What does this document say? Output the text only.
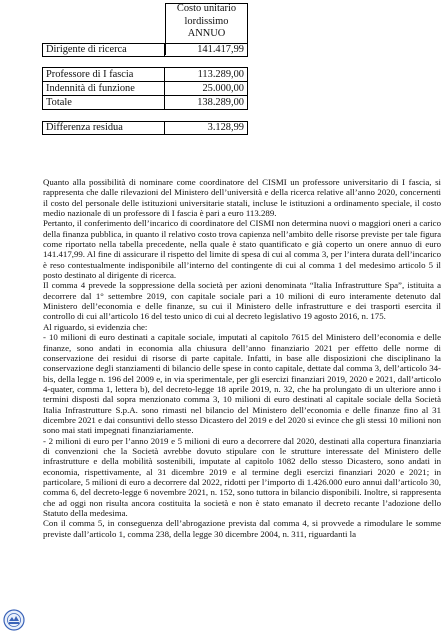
Costo unitario
lordissimo
ANNUO
Dirigente di ricerca	141.417,99
Professore di I fascia	113.289,00
Indennità di funzione	25.000,00
Totale	138.289,00
Differenza residua	3.128,99

Quanto alla possibilità di nominare come coordinatore del CISMI un professore universitario di I fascia, si rappresenta che dalle rilevazioni del Ministero dell’università e della ricerca relative all’anno 2020, concernenti il costo del personale delle istituzioni universitarie statali, incluse le istituzioni a ordinamento speciale, il costo medio nazionale di un professore di I fascia è pari a euro 113.289.

Pertanto, il conferimento dell’incarico di coordinatore del CISMI non determina nuovi o maggiori oneri a carico della finanza pubblica, in quanto il relativo costo trova capienza nell’ambito delle risorse previste per tale figura come riportato nella tabella precedente, nella quale è stato quantificato e già coperto un onere annuo di euro 141.417,99. Al fine di assicurare il rispetto del limite di spesa di cui al comma 3, per l’intera durata dell’incarico è reso contestualmente indisponibile all’interno del contingente di cui al comma 1 del medesimo articolo 5 il posto destinato al dirigente di ricerca.

Il comma 4 prevede la soppressione della società per azioni denominata “Italia Infrastrutture Spa”, istituita a decorrere dal 1° settembre 2019, con capitale sociale pari a 10 milioni di euro interamente detenuto dal Ministero dell’economia e delle finanze, su cui il Ministero delle infrastrutture e dei trasporti esercita il controllo di cui all’articolo 16 del testo unico di cui al decreto legislativo 19 agosto 2016, n. 175.

Al riguardo, si evidenzia che:

- 10 milioni di euro destinati a capitale sociale, imputati al capitolo 7615 del Ministero dell’economia e delle finanze, sono andati in economia alla chiusura dell’anno finanziario 2021 per effetto delle norme di conservazione dei residui di risorse di parte capitale. Infatti, in base alle disposizioni che disciplinano la conservazione degli stanziamenti di bilancio delle spese in conto capitale, dettate dal comma 3, dell’articolo 34-bis, della legge n. 196 del 2009 e, in via sperimentale, per gli esercizi finanziari 2019, 2020 e 2021, dall’articolo 4-quater, comma 1, lettera b), del decreto-legge 18 aprile 2019, n. 32, che ha prolungato di un ulteriore anno i termini disposti dal sopra menzionato comma 3, 10 milioni di euro destinati al capitale sociale della Società Italia Infrastrutture S.p.A. sono rimasti nel bilancio del Ministero dell’economia e delle finanze fino al 31 dicembre 2021 e dai consuntivi dello stesso Dicastero del 2019 e del 2020 si evince che gli stessi 10 milioni non sono mai stati impegnati finanziariamente.

- 2 milioni di euro per l’anno 2019 e 5 milioni di euro a decorrere dal 2020, destinati alla copertura finanziaria di convenzioni che la Società avrebbe dovuto stipulare con le strutture interessate del Ministero delle infrastrutture e della mobilità sostenibili, imputate al capitolo 1082 dello stesso Dicastero, sono andati in economia, rispettivamente, al 31 dicembre 2019 e al termine degli esercizi finanziari 2020 e 2021; in particolare, 5 milioni di euro a decorrere dal 2022, ridotti per l’importo di 1.426.000 euro annui dall’articolo 30, comma 6, del decreto-legge 6 novembre 2021, n. 152, sono tuttora in bilancio disponibili. Inoltre, si rappresenta che ad oggi non risulta ancora costituita la società e non è stato emanato il decreto recante l’adozione dello Statuto della medesima.

Con il comma 5, in conseguenza dell’abrogazione prevista dal comma 4, si provvede a rimodulare le somme previste dall’articolo 1, comma 238, della legge 30 dicembre 2004, n. 311, riguardanti la
